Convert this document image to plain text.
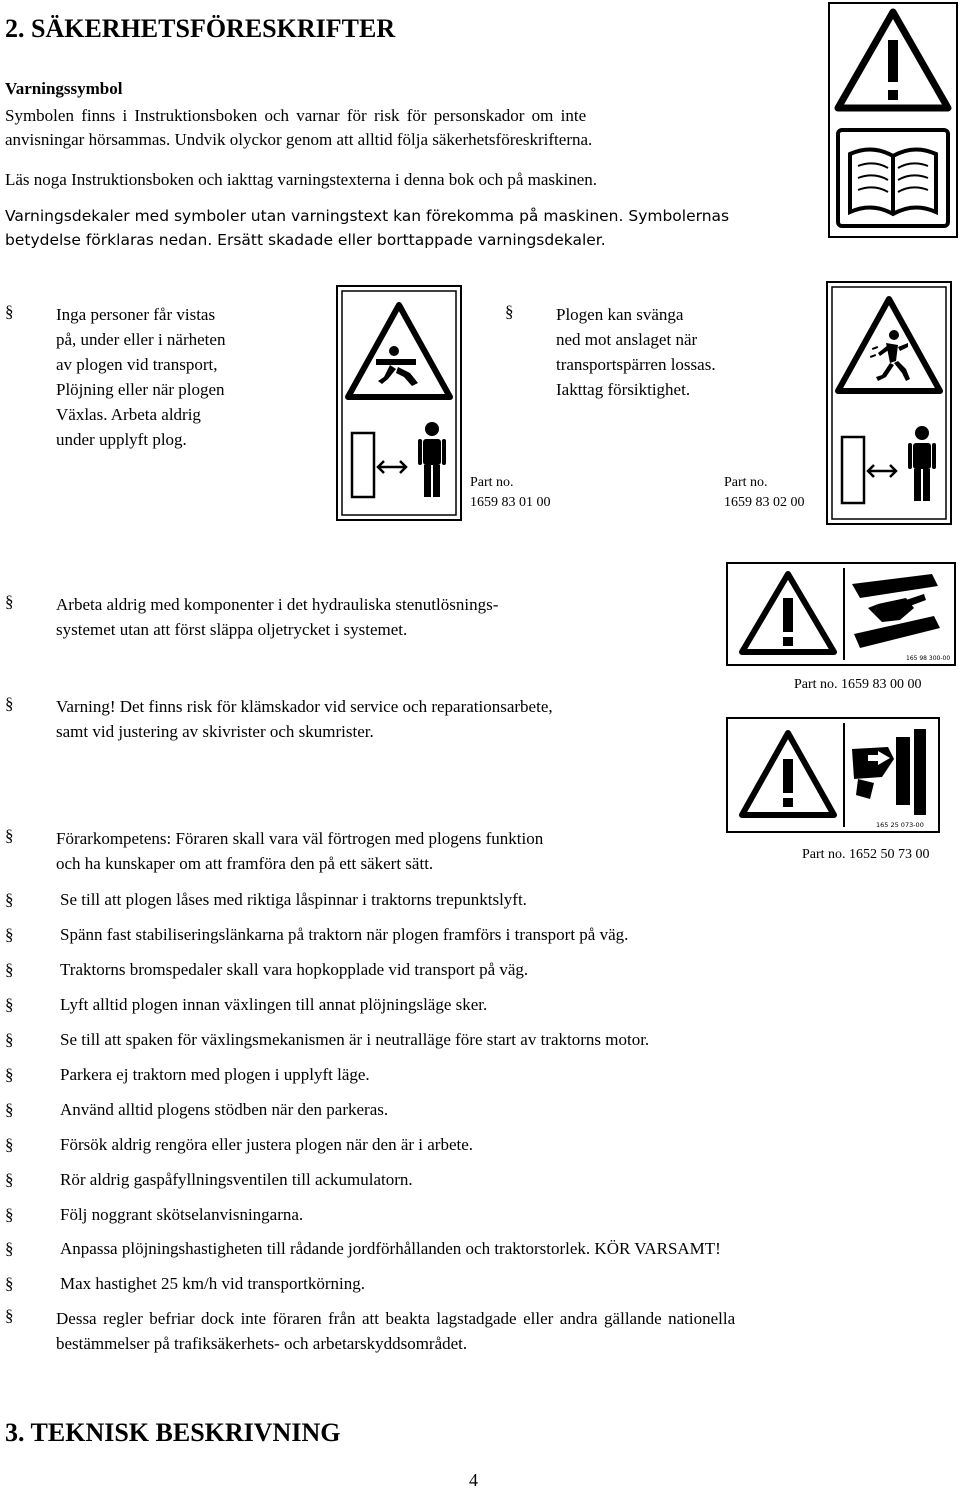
2. SÄKERHETSFÖRESKRIFTER
Varningssymbol
Symbolen finns i Instruktionsboken och varnar för risk för personskador om inte
anvisningar hörsammas. Undvik olyckor genom att alltid följa säkerhetsföreskrifterna.
Läs noga Instruktionsboken och iakttag varningstexterna i denna bok och på maskinen.
Varningsdekaler med symboler utan varningstext kan förekomma på maskinen. Symbolernas
betydelse förklaras nedan. Ersätt skadade eller borttappade varningsdekaler.
§	Inga personer får vistas
på, under eller i närheten
av plogen vid transport,
Plöjning eller när plogen
Växlas. Arbeta aldrig
under upplyft plog.
§	Plogen kan svänga
ned mot anslaget när
transportspärren lossas.
Iakttag försiktighet.
Part no.
1659 83 01 00
Part no.
1659 83 02 00
§	Arbeta aldrig med komponenter i det hydrauliska stenutlösnings-
systemet utan att först släppa oljetrycket i systemet.
165 98 300-00
Part no. 1659 83 00 00
§	Varning! Det finns risk för klämskador vid service och reparationsarbete,
samt vid justering av skivrister och skumrister.
165 25 073-00
Part no. 1652 50 73 00
§	Förarkompetens: Föraren skall vara väl förtrogen med plogens funktion
och ha kunskaper om att framföra den på ett säkert sätt.
§	Se till att plogen låses med riktiga låspinnar i traktorns trepunktslyft.
§	Spänn fast stabiliseringslänkarna på traktorn när plogen framförs i transport på väg.
§	Traktorns bromspedaler skall vara hopkopplade vid transport på väg.
§	Lyft alltid plogen innan växlingen till annat plöjningsläge sker.
§	Se till att spaken för växlingsmekanismen är i neutralläge före start av traktorns motor.
§	Parkera ej traktorn med plogen i upplyft läge.
§	Använd alltid plogens stödben när den parkeras.
§	Försök aldrig rengöra eller justera plogen när den är i arbete.
§	Rör aldrig gaspåfyllningsventilen till ackumulatorn.
§	Följ noggrant skötselanvisningarna.
§	Anpassa plöjningshastigheten till rådande jordförhållanden och traktorstorlek. KÖR VARSAMT!
§	Max hastighet 25 km/h vid transportkörning.
§	Dessa  regler  befriar  dock  inte  föraren  från  att  beakta  lagstadgade  eller  andra  gällande  nationella
bestämmelser på trafiksäkerhets- och arbetarskyddsområdet.
3. TEKNISK BESKRIVNING
4
